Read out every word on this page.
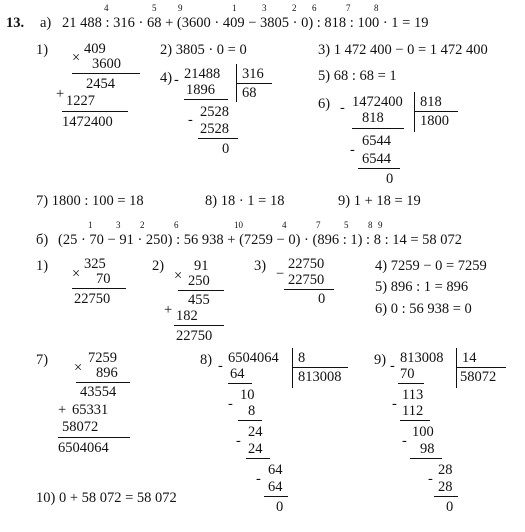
13. а) 21 488 : 316 · 68 + (3600 · 409 − 3805 · 0) : 818 : 100 · 1 = 19
4	5 9	1	3	2 6	7	8
1) ×
409
3600
2454
+ 1227
1472400
2) 3805 · 0 = 0	3) 1 472 400 − 0 = 1 472 400
4) - 21488 316
68
1896
2528
-
2528
0
5) 68 : 68 = 1
6) - 1472400 818
1800
818
6544
-
6544
0
7) 1800 : 100 = 18	8) 18 · 1 = 18	9) 1 + 18 = 19
б) (25 · 70 − 91 · 250) : 56 938 + (7259 − 0) · (896 : 1) : 8 : 14 = 58 072
1	3 2	6	10	4	7	5 8 9
1) ×
325
70
22750
2)
×
91
250
455
+ 182
22750
3) −
22750
22750
0
4) 7259 − 0 = 7259
5) 896 : 1 = 896
6) 0 : 56 938 = 0
7) ×
7259
896
43554
+ 65331
58072
6504064
8) - 6504064 8
813008
64
10
- 8
24
- 24
64
- 64
0
9) - 813008 14
58072
70
113
- 112
100
- 98
28
- 28
0
10) 0 + 58 072 = 58 072
